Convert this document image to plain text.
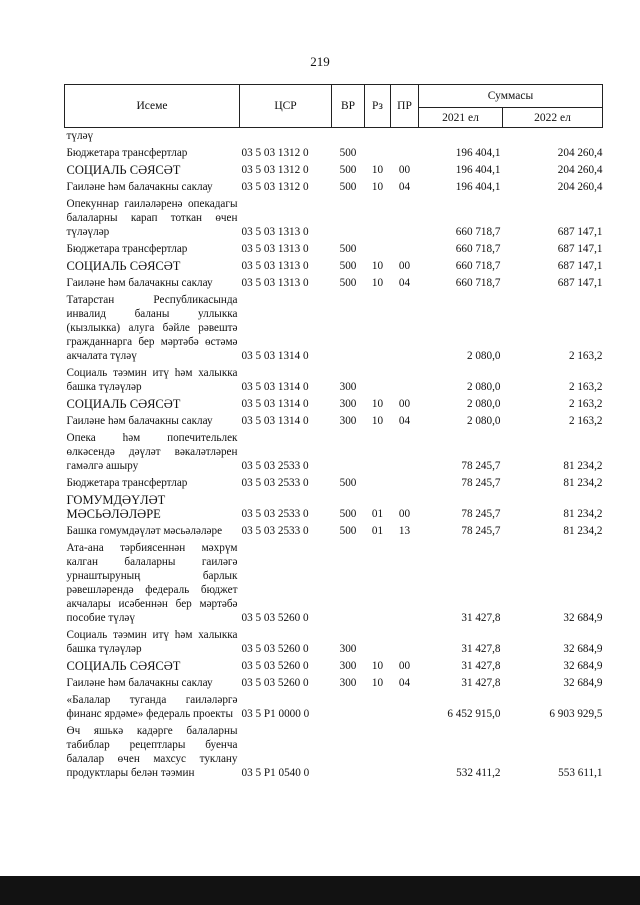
219
Исеме	ЦСР	ВР	Рз	ПР	Суммасы	
					2021 ел	2022 ел
түләү						
Бюджетара трансфертлар	03 5 03 1312 0	500			196 404,1	204 260,4
СОЦИАЛЬ СӘЯСӘТ	03 5 03 1312 0	500	10	00	196 404,1	204 260,4
Гаиләне һәм балачакны саклау	03 5 03 1312 0	500	10	04	196 404,1	204 260,4
Опекуннар гаиләләренә опекадагы балаларны карап тоткан өчен түләүләр	03 5 03 1313 0				660 718,7	687 147,1
Бюджетара трансфертлар	03 5 03 1313 0	500			660 718,7	687 147,1
СОЦИАЛЬ СӘЯСӘТ	03 5 03 1313 0	500	10	00	660 718,7	687 147,1
Гаиләне һәм балачакны саклау	03 5 03 1313 0	500	10	04	660 718,7	687 147,1
Татарстан Республикасында инвалид баланы уллыкка (кызлыкка) алуга бәйле рәвештә гражданнарга бер мәртәбә өстәмә акчалата түләү	03 5 03 1314 0				2 080,0	2 163,2
Социаль тәэмин итү һәм халыкка башка түләүләр	03 5 03 1314 0	300			2 080,0	2 163,2
СОЦИАЛЬ СӘЯСӘТ	03 5 03 1314 0	300	10	00	2 080,0	2 163,2
Гаиләне һәм балачакны саклау	03 5 03 1314 0	300	10	04	2 080,0	2 163,2
Опека һәм попечительлек өлкәсендә дәүләт вәкаләтләрен гамәлгә ашыру	03 5 03 2533 0				78 245,7	81 234,2
Бюджетара трансфертлар	03 5 03 2533 0	500			78 245,7	81 234,2
ГОМУМДӘҮЛӘТ МӘСЬӘЛӘЛӘРЕ	03 5 03 2533 0	500	01	00	78 245,7	81 234,2
Башка гомумдәүләт мәсьәләләре	03 5 03 2533 0	500	01	13	78 245,7	81 234,2
Ата-ана тәрбиясеннән мәхрүм калган балаларны гаиләгә урнаштыруның барлык рәвешләрендә федераль бюджет акчалары исәбеннән бер мәртәбә пособие түләү	03 5 03 5260 0				31 427,8	32 684,9
Социаль тәэмин итү һәм халыкка башка түләүләр	03 5 03 5260 0	300			31 427,8	32 684,9
СОЦИАЛЬ СӘЯСӘТ	03 5 03 5260 0	300	10	00	31 427,8	32 684,9
Гаиләне һәм балачакны саклау	03 5 03 5260 0	300	10	04	31 427,8	32 684,9
«Балалар туганда гаиләләргә финанс ярдәме» федераль проекты	03 5 P1 0000 0				6 452 915,0	6 903 929,5
Өч яшькә кадәрге балаларны табиблар рецептлары буенча балалар өчен махсус туклану продуктлары белән тәэмин	03 5 P1 0540 0				532 411,2	553 611,1
